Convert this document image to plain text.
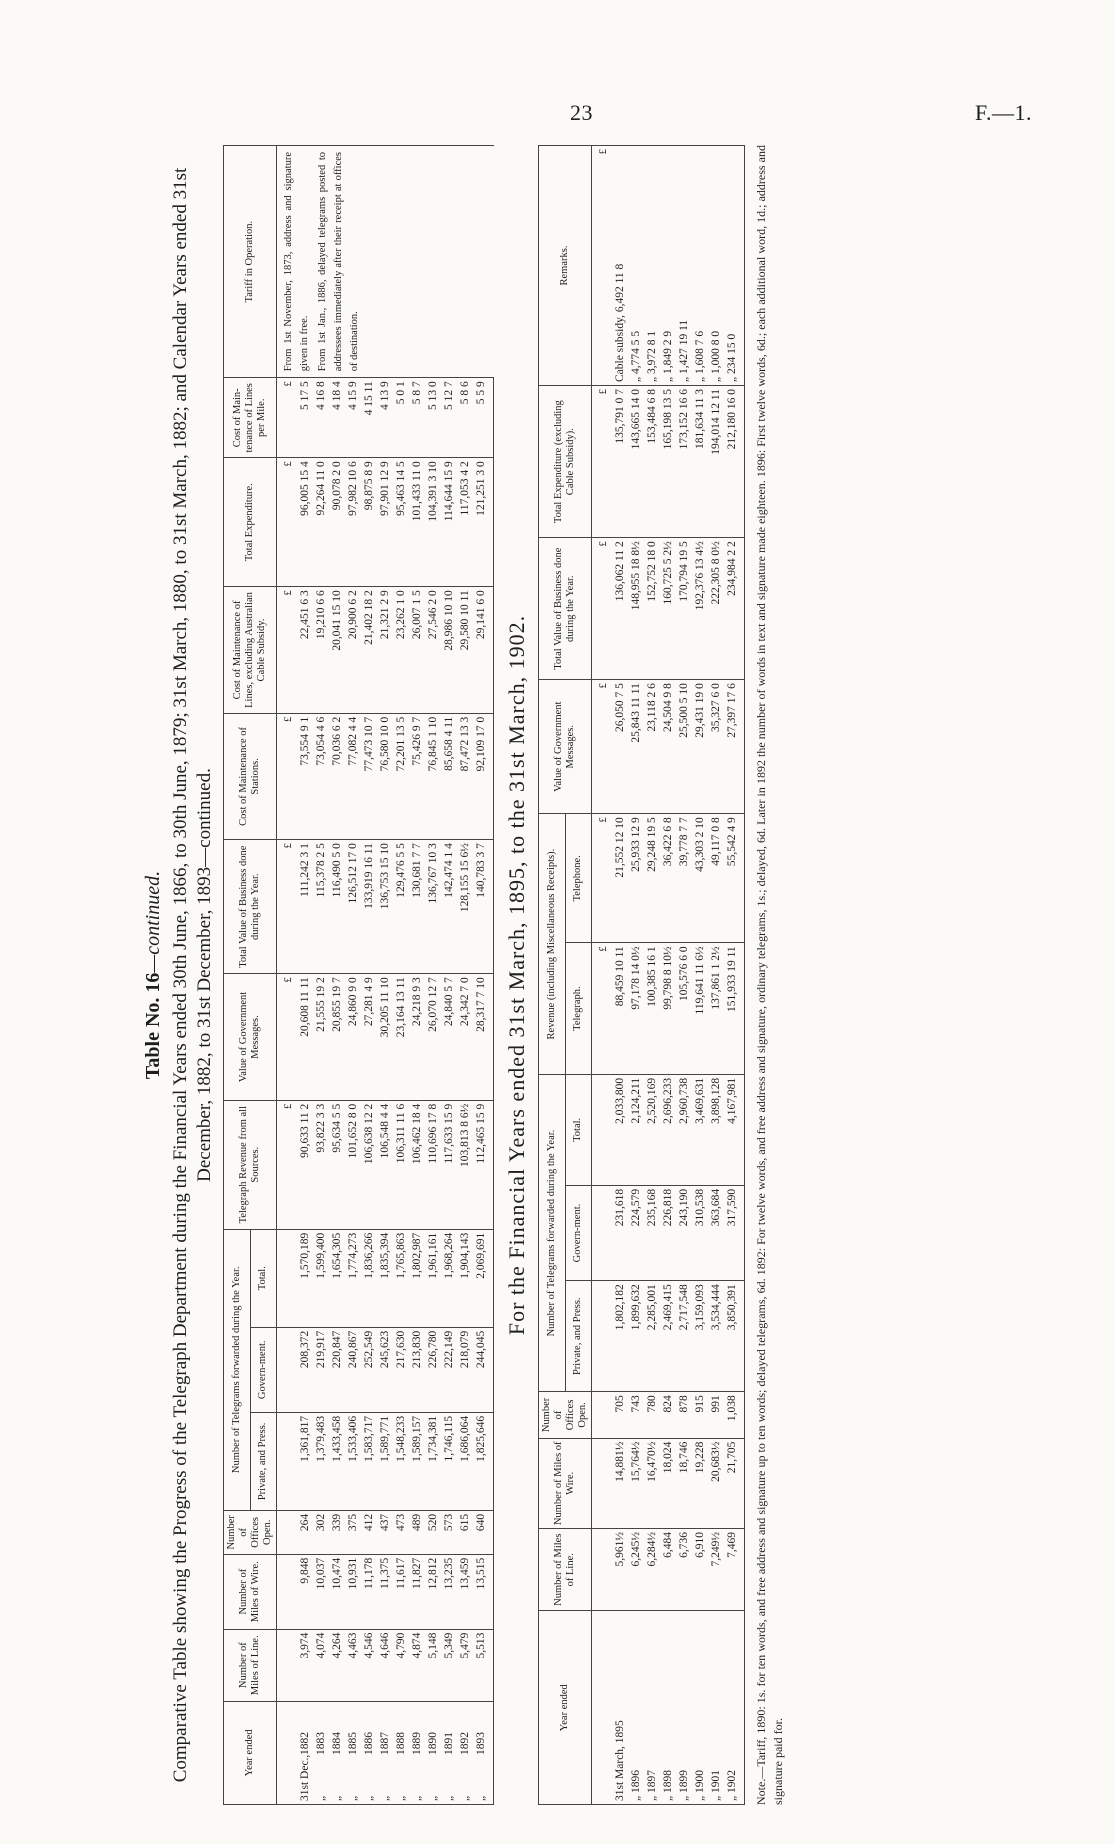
23	F.—1.
Table No. 16—continued. Comparative Table showing the Progress of the Telegraph Department during the Financial Years ended 30th June, 1866, to 30th June, 1879; 31st March, 1880, to 31st March, 1882; and Calendar Years ended 31st December, 1882, to 31st December, 1893—continued.
Year ended	Number of Miles of Line.	Number of Miles of Wire.	Number of Offices Open.	Number of Telegrams forwarded during the Year.			Telegraph Revenue from all Sources.	Value of Government Messages.	Total Value of Business done during the Year.	Cost of Maintenance of Stations.	Cost of Maintenance of Lines, excluding Australian Cable Subsidy.	Total Expenditure.	Cost of Main-tenance of Lines per Mile.	Tariff in Operation.
				Private, and Press.	Govern-ment.	Total.								
							£	£	£	£	£	£	£	From 1st November, 1873, address and signature given in free. From 1st Jan., 1886, delayed telegrams posted to addressees immediately after their receipt at offices of destination.

31st Dec.,1882	3,974	9,848	264	1,361,817	208,372	1,570,189	90,633 11 2	20,608 11 11	111,242 3 1	73,554 9 1	22,451 6 3	96,005 15 4	5 17 5	
„1883	4,074	10,037	302	1,379,483	219,917	1,599,400	93,822 3 3	21,555 19 2	115,378 2 5	73,054 4 6	19,210 6 6	92,264 11 0	4 16 8	
„1884	4,264	10,474	339	1,433,458	220,847	1,654,305	95,634 5 5	20,855 19 7	116,490 5 0	70,036 6 2	20,041 15 10	90,078 2 0	4 18 4	
„1885	4,463	10,931	375	1,533,406	240,867	1,774,273	101,652 8 0	24,860 9 0	126,512 17 0	77,082 4 4	20,900 6 2	97,982 10 6	4 15 9	
„1886	4,546	11,178	412	1,583,717	252,549	1,836,266	106,638 12 2	27,281 4 9	133,919 16 11	77,473 10 7	21,402 18 2	98,875 8 9	4 15 11	
„1887	4,646	11,375	437	1,589,771	245,623	1,835,394	106,548 4 4	30,205 11 10	136,753 15 10	76,580 10 0	21,321 2 9	97,901 12 9	4 13 9	
„1888	4,790	11,617	473	1,548,233	217,630	1,765,863	106,311 11 6	23,164 13 11	129,476 5 5	72,201 13 5	23,262 1 0	95,463 14 5	5 0 1	
„1889	4,874	11,827	489	1,589,157	213,830	1,802,987	106,462 18 4	24,218 9 3	130,681 7 7	75,426 9 7	26,007 1 5	101,433 11 0	5 8 7	
„1890	5,148	12,812	520	1,734,381	226,780	1,961,161	110,696 17 8	26,070 12 7	136,767 10 3	76,845 1 10	27,546 2 0	104,391 3 10	5 13 0	
„1891	5,349	13,235	573	1,746,115	222,149	1,968,264	117,633 15 9	24,840 5 7	142,474 1 4	85,658 4 11	28,986 10 10	114,644 15 9	5 12 7	
„1892	5,479	13,459	615	1,686,064	218,079	1,904,143	103,813 8 6½	24,342 7 0	128,155 15 6½	87,472 13 3	29,580 10 11	117,053 4 2	5 8 6	
„1893	5,513	13,515	640	1,825,646	244,045	2,069,691	112,465 15 9	28,317 7 10	140,783 3 7	92,109 17 0	29,141 6 0	121,251 3 0	5 5 9	
For the Financial Years ended 31st March, 1895, to the 31st March, 1902.
Year ended	Number of Miles of Line.	Number of Miles of Wire.	Number of Offices Open.	Number of Telegrams forwarded during the Year.			Revenue (including Miscellaneous Receipts).		Value of Government Messages.	Total Value of Business done during the Year.	Total Expenditure (excluding Cable Subsidy).	Remarks.
				Private, and Press.	Govern-ment.	Total.	Telegraph.	Telephone.				
							£	£	£	£	£	£
31st March, 1895	5,961½	14,881½	705	1,802,182	231,618	2,033,800	88,459 10 11	21,552 12 10	26,050 7 5	136,062 11 2	135,791 0 7	Cable subsidy, 6,492 11 8
„ 1896	6,245½	15,764½	743	1,899,632	224,579	2,124,211	97,178 14 0½	25,933 12 9	25,843 11 11	148,955 18 8½	143,665 14 0	„ 4,774 5 5
„ 1897	6,284½	16,470½	780	2,285,001	235,168	2,520,169	100,385 16 1	29,248 19 5	23,118 2 6	152,752 18 0	153,484 6 8	„ 3,972 8 1
„ 1898	6,484	18,024	824	2,469,415	226,818	2,696,233	99,798 8 10½	36,422 6 8	24,504 9 8	160,725 5 2½	165,198 13 5	„ 1,849 2 9
„ 1899	6,736	18,746	878	2,717,548	243,190	2,960,738	105,576 6 0	39,778 7 7	25,500 5 10	170,794 19 5	173,152 16 6	„ 1,427 19 11
„ 1900	6,910	19,228	915	3,159,093	310,538	3,469,631	119,641 11 6½	43,303 2 10	29,431 19 0	192,376 13 4½	181,634 11 3	„ 1,608 7 6
„ 1901	7,249½	20,683½	991	3,534,444	363,684	3,898,128	137,861 1 2½	49,117 0 8	35,327 6 0	222,305 8 0½	194,014 12 11	„ 1,000 8 0
„ 1902	7,469	21,705	1,038	3,850,391	317,590	4,167,981	151,933 19 11	55,542 4 9	27,397 17 6	234,984 2 2	212,180 16 0	„ 234 15 0 Note.—Tariff, 1890: 1s. for ten words, and free address and signature up to ten words; delayed telegrams, 6d. 1892: For twelve words, and free address and signature, ordinary telegrams, 1s.; delayed, 6d. Later in 1892 the number of words in text and signature made eighteen. 1896: First twelve words, 6d.; each additional word, 1d.; address and signature paid for.
